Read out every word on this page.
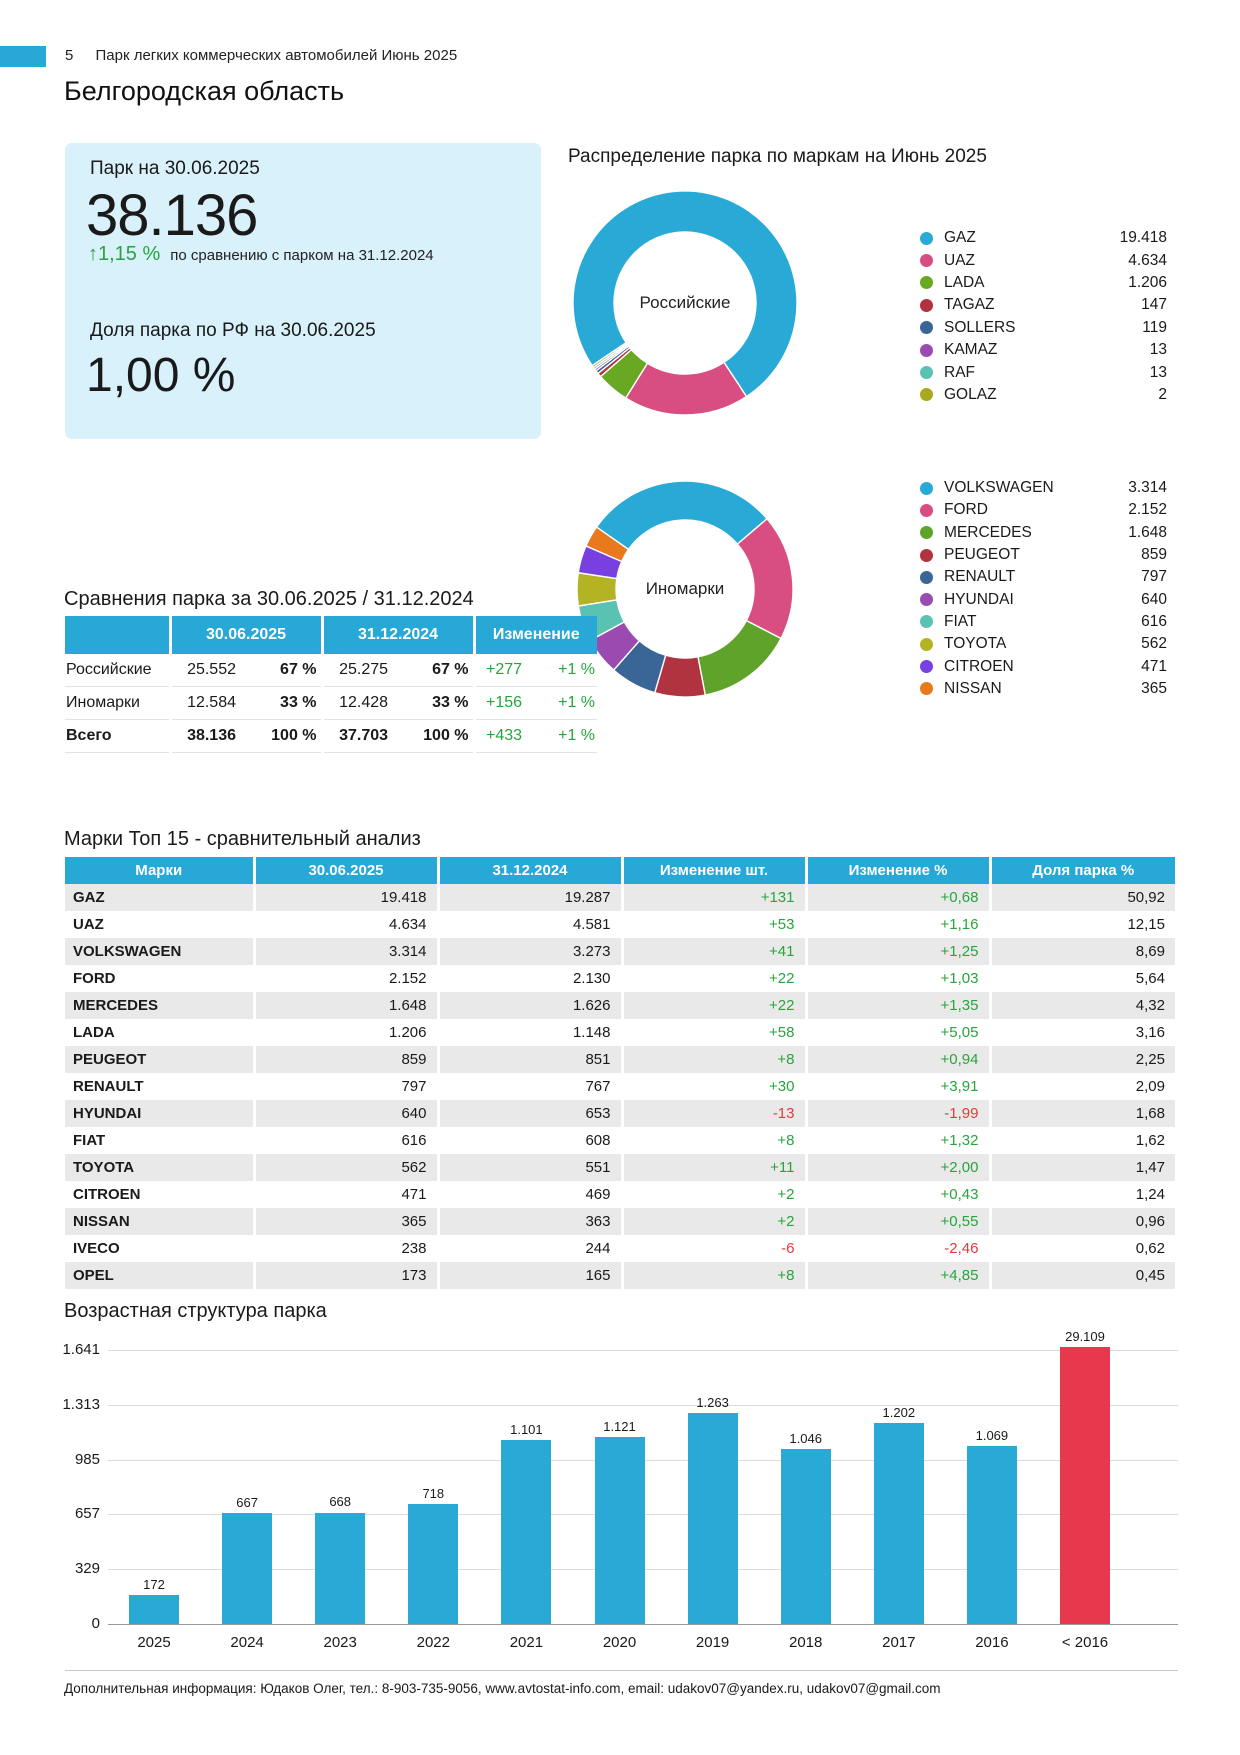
5 Парк легких коммерческих автомобилей Июнь 2025
Белгородская область
Парк на 30.06.2025
38.136
↑1,15 % по сравнению с парком на 31.12.2024
Доля парка по РФ на 30.06.2025
1,00 %
Распределение парка по маркам на Июнь 2025
Российские
GAZ	19.418
UAZ	4.634
LADA	1.206
TAGAZ	147
SOLLERS	119
KAMAZ	13
RAF	13
GOLAZ	2
Иномарки
VOLKSWAGEN	3.314
FORD	2.152
MERCEDES	1.648
PEUGEOT	859
RENAULT	797
HYUNDAI	640
FIAT	616
TOYOTA	562
CITROEN	471
NISSAN	365
Сравнения парка за 30.06.2025 / 31.12.2024
	30.06.2025		31.12.2024		Изменение	
Российские	25.552	67 %	25.275	67 %	+277	+1 %
Иномарки	12.584	33 %	12.428	33 %	+156	+1 %
Всего	38.136	100 %	37.703	100 %	+433	+1 %
Марки Топ 15 - сравнительный анализ
Марки	30.06.2025	31.12.2024	Изменение шт.	Изменение %	Доля парка %
GAZ	19.418	19.287	+131	+0,68	50,92
UAZ	4.634	4.581	+53	+1,16	12,15
VOLKSWAGEN	3.314	3.273	+41	+1,25	8,69
FORD	2.152	2.130	+22	+1,03	5,64
MERCEDES	1.648	1.626	+22	+1,35	4,32
LADA	1.206	1.148	+58	+5,05	3,16
PEUGEOT	859	851	+8	+0,94	2,25
RENAULT	797	767	+30	+3,91	2,09
HYUNDAI	640	653	-13	-1,99	1,68
FIAT	616	608	+8	+1,32	1,62
TOYOTA	562	551	+11	+2,00	1,47
CITROEN	471	469	+2	+0,43	1,24
NISSAN	365	363	+2	+0,55	0,96
IVECO	238	244	-6	-2,46	0,62
OPEL	173	165	+8	+4,85	0,45
Возрастная структура парка
0
329
657
985
1.313
1.641
172
2025
667
2024
668
2023
718
2022
1.101
2021
1.121
2020
1.263
2019
1.046
2018
1.202
2017
1.069
2016
29.109
< 2016
Дополнительная информация: Юдаков Олег, тел.: 8-903-735-9056, www.avtostat-info.com, email: udakov07@yandex.ru, udakov07@gmail.com
